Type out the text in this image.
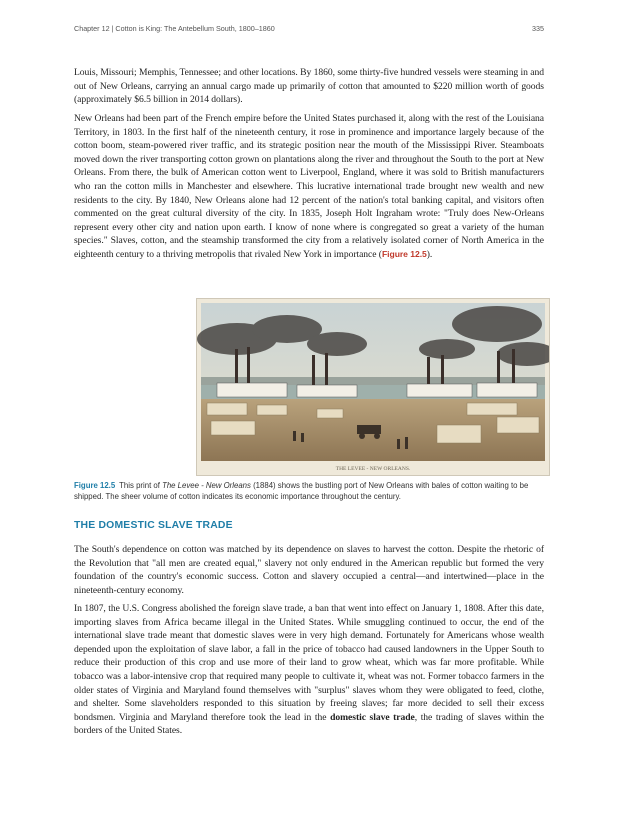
Chapter 12 | Cotton is King: The Antebellum South, 1800–1860	335

Louis, Missouri; Memphis, Tennessee; and other locations. By 1860, some thirty-five hundred vessels were steaming in and out of New Orleans, carrying an annual cargo made up primarily of cotton that amounted to $220 million worth of goods (approximately $6.5 billion in 2014 dollars).

New Orleans had been part of the French empire before the United States purchased it, along with the rest of the Louisiana Territory, in 1803. In the first half of the nineteenth century, it rose in prominence and importance largely because of the cotton boom, steam-powered river traffic, and its strategic position near the mouth of the Mississippi River. Steamboats moved down the river transporting cotton grown on plantations along the river and throughout the South to the port at New Orleans. From there, the bulk of American cotton went to Liverpool, England, where it was sold to British manufacturers who ran the cotton mills in Manchester and elsewhere. This lucrative international trade brought new wealth and new residents to the city. By 1840, New Orleans alone had 12 percent of the nation's total banking capital, and visitors often commented on the great cultural diversity of the city. In 1835, Joseph Holt Ingraham wrote: "Truly does New-Orleans represent every other city and nation upon earth. I know of none where is congregated so great a variety of the human species." Slaves, cotton, and the steamship transformed the city from a relatively isolated corner of North America in the eighteenth century to a thriving metropolis that rivaled New York in importance (Figure 12.5).

THE LEVEE - NEW ORLEANS.
Figure 12.5 This print of The Levee - New Orleans (1884) shows the bustling port of New Orleans with bales of cotton waiting to be shipped. The sheer volume of cotton indicates its economic importance throughout the century.
THE DOMESTIC SLAVE TRADE

The South's dependence on cotton was matched by its dependence on slaves to harvest the cotton. Despite the rhetoric of the Revolution that "all men are created equal," slavery not only endured in the American republic but formed the very foundation of the country's economic success. Cotton and slavery occupied a central—and intertwined—place in the nineteenth-century economy.

In 1807, the U.S. Congress abolished the foreign slave trade, a ban that went into effect on January 1, 1808. After this date, importing slaves from Africa became illegal in the United States. While smuggling continued to occur, the end of the international slave trade meant that domestic slaves were in very high demand. Fortunately for Americans whose wealth depended upon the exploitation of slave labor, a fall in the price of tobacco had caused landowners in the Upper South to reduce their production of this crop and use more of their land to grow wheat, which was far more profitable. While tobacco was a labor-intensive crop that required many people to cultivate it, wheat was not. Former tobacco farmers in the older states of Virginia and Maryland found themselves with "surplus" slaves whom they were obligated to feed, clothe, and shelter. Some slaveholders responded to this situation by freeing slaves; far more decided to sell their excess bondsmen. Virginia and Maryland therefore took the lead in the domestic slave trade, the trading of slaves within the borders of the United States.
